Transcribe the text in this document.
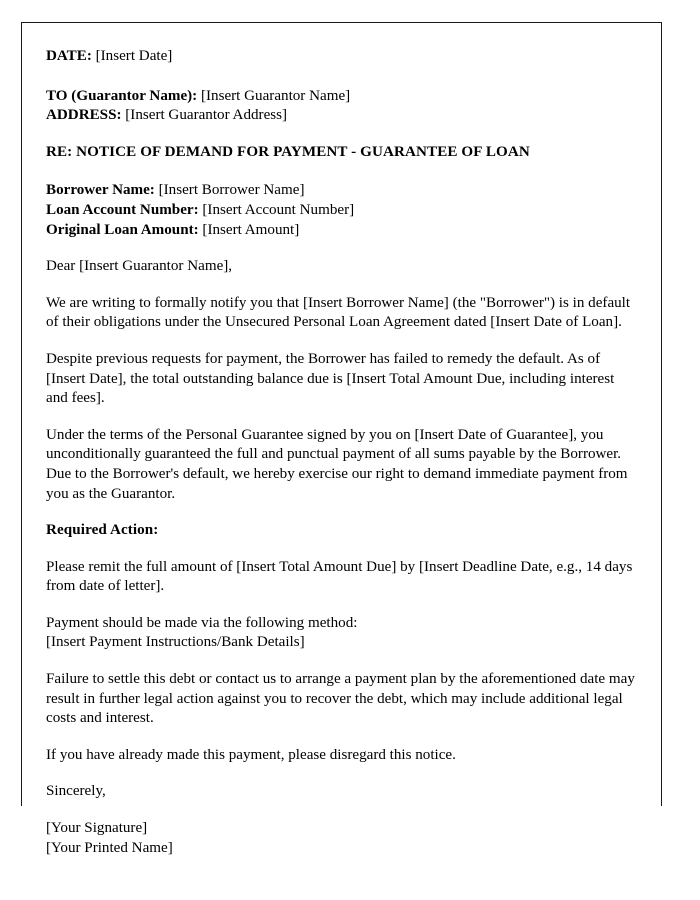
DATE: [Insert Date]
TO (Guarantor Name): [Insert Guarantor Name]
ADDRESS: [Insert Guarantor Address]
RE: NOTICE OF DEMAND FOR PAYMENT - GUARANTEE OF LOAN
Borrower Name: [Insert Borrower Name]
Loan Account Number: [Insert Account Number]
Original Loan Amount: [Insert Amount]

Dear [Insert Guarantor Name],

We are writing to formally notify you that [Insert Borrower Name] (the "Borrower") is in default of their obligations under the Unsecured Personal Loan Agreement dated [Insert Date of Loan].

Despite previous requests for payment, the Borrower has failed to remedy the default. As of [Insert Date], the total outstanding balance due is [Insert Total Amount Due, including interest and fees].

Under the terms of the Personal Guarantee signed by you on [Insert Date of Guarantee], you unconditionally guaranteed the full and punctual payment of all sums payable by the Borrower. Due to the Borrower's default, we hereby exercise our right to demand immediate payment from you as the Guarantor.

Required Action:

Please remit the full amount of [Insert Total Amount Due] by [Insert Deadline Date, e.g., 14 days from date of letter].

Payment should be made via the following method:
[Insert Payment Instructions/Bank Details]

Failure to settle this debt or contact us to arrange a payment plan by the aforementioned date may result in further legal action against you to recover the debt, which may include additional legal costs and interest.

If you have already made this payment, please disregard this notice.

Sincerely,

[Your Signature]
[Your Printed Name]
